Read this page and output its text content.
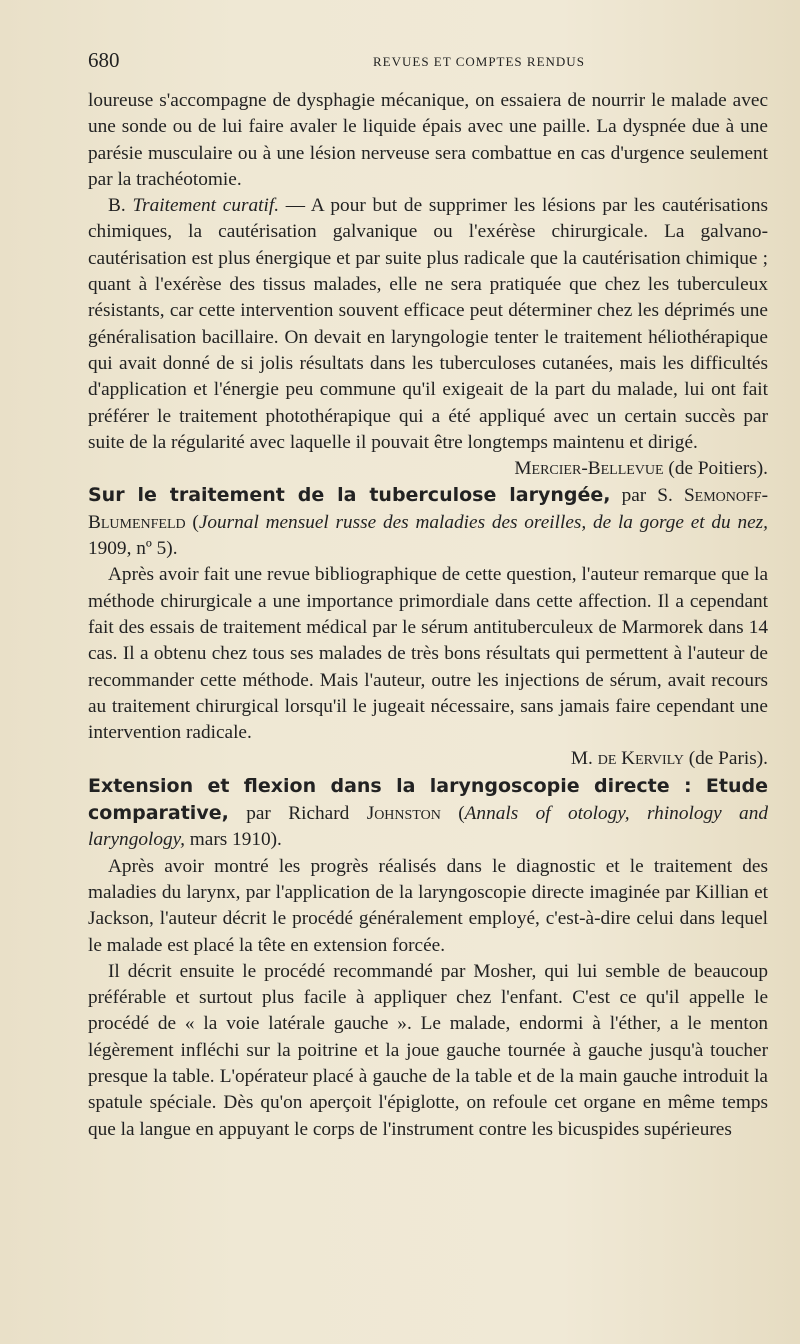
680	REVUES ET COMPTES RENDUS

loureuse s'accompagne de dysphagie mécanique, on essaiera de nourrir le malade avec une sonde ou de lui faire avaler le liquide épais avec une paille. La dyspnée due à une parésie musculaire ou à une lésion nerveuse sera combattue en cas d'urgence seulement par la trachéotomie.

B. Traitement curatif. — A pour but de supprimer les lésions par les cautérisations chimiques, la cautérisation galvanique ou l'exérèse chirurgicale. La galvano-cautérisation est plus énergique et par suite plus radicale que la cautérisation chimique ; quant à l'exérèse des tissus malades, elle ne sera pratiquée que chez les tuberculeux résistants, car cette intervention souvent efficace peut déterminer chez les déprimés une généralisation bacillaire. On devait en laryngologie tenter le traitement héliothérapique qui avait donné de si jolis résultats dans les tuberculoses cutanées, mais les difficultés d'application et l'énergie peu commune qu'il exigeait de la part du malade, lui ont fait préférer le traitement photothérapique qui a été appliqué avec un certain succès par suite de la régularité avec laquelle il pouvait être longtemps maintenu et dirigé.

Mercier-Bellevue (de Poitiers).

Sur le traitement de la tuberculose laryngée, par S. Semonoff-Blumenfeld (Journal mensuel russe des maladies des oreilles, de la gorge et du nez, 1909, nº 5).

Après avoir fait une revue bibliographique de cette question, l'auteur remarque que la méthode chirurgicale a une importance primordiale dans cette affection. Il a cependant fait des essais de traitement médical par le sérum antituberculeux de Marmorek dans 14 cas. Il a obtenu chez tous ses malades de très bons résultats qui permettent à l'auteur de recommander cette méthode. Mais l'auteur, outre les injections de sérum, avait recours au traitement chirurgical lorsqu'il le jugeait nécessaire, sans jamais faire cependant une intervention radicale.

M. de Kervily (de Paris).

Extension et flexion dans la laryngoscopie directe : Etude comparative, par Richard Johnston (Annals of otology, rhinology and laryngology, mars 1910).

Après avoir montré les progrès réalisés dans le diagnostic et le traitement des maladies du larynx, par l'application de la laryngoscopie directe imaginée par Killian et Jackson, l'auteur décrit le procédé généralement employé, c'est-à-dire celui dans lequel le malade est placé la tête en extension forcée.

Il décrit ensuite le procédé recommandé par Mosher, qui lui semble de beaucoup préférable et surtout plus facile à appliquer chez l'enfant. C'est ce qu'il appelle le procédé de « la voie latérale gauche ». Le malade, endormi à l'éther, a le menton légèrement infléchi sur la poitrine et la joue gauche tournée à gauche jusqu'à toucher presque la table. L'opérateur placé à gauche de la table et de la main gauche introduit la spatule spéciale. Dès qu'on aperçoit l'épiglotte, on refoule cet organe en même temps que la langue en appuyant le corps de l'instrument contre les bicuspides supérieures
